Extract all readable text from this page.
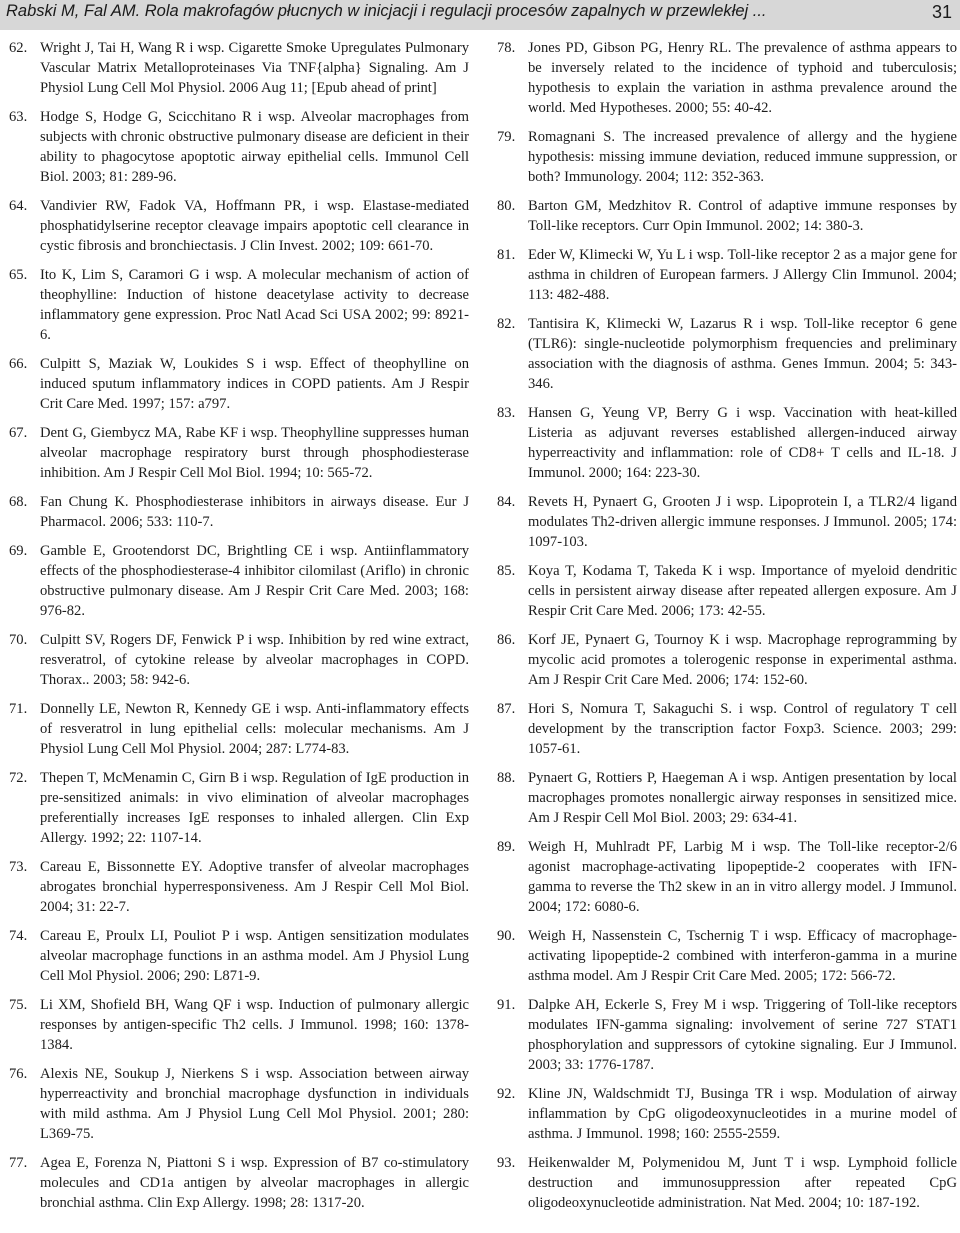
Rabski M, Fal AM. Rola makrofagów płucnych w inicjacji i regulacji procesów zapalnych w przewlekłej ...	31
62. Wright J, Tai H, Wang R i wsp. Cigarette Smoke Upregulates Pulmonary Vascular Matrix Metalloproteinases Via TNF{alpha} Signaling. Am J Physiol Lung Cell Mol Physiol. 2006 Aug 11; [Epub ahead of print]
63. Hodge S, Hodge G, Scicchitano R i wsp. Alveolar macrophages from subjects with chronic obstructive pulmonary disease are deficient in their ability to phagocytose apoptotic airway epithelial cells. Immunol Cell Biol. 2003; 81: 289-96.
64. Vandivier RW, Fadok VA, Hoffmann PR, i wsp. Elastase-mediated phosphatidylserine receptor cleavage impairs apoptotic cell clearance in cystic fibrosis and bronchiectasis. J Clin Invest. 2002; 109: 661-70.
65. Ito K, Lim S, Caramori G i wsp. A molecular mechanism of action of theophylline: Induction of histone deacetylase activity to decrease inflammatory gene expression. Proc Natl Acad Sci USA 2002; 99: 8921-6.
66. Culpitt S, Maziak W, Loukides S i wsp. Effect of theophylline on induced sputum inflammatory indices in COPD patients. Am J Respir Crit Care Med. 1997; 157: a797.
67. Dent G, Giembycz MA, Rabe KF i wsp. Theophylline suppresses human alveolar macrophage respiratory burst through phosphodiesterase inhibition. Am J Respir Cell Mol Biol. 1994; 10: 565-72.
68. Fan Chung K. Phosphodiesterase inhibitors in airways disease. Eur J Pharmacol. 2006; 533: 110-7.
69. Gamble E, Grootendorst DC, Brightling CE i wsp. Antiinflammatory effects of the phosphodiesterase-4 inhibitor cilomilast (Ariflo) in chronic obstructive pulmonary disease. Am J Respir Crit Care Med. 2003; 168: 976-82.
70. Culpitt SV, Rogers DF, Fenwick P i wsp. Inhibition by red wine extract, resveratrol, of cytokine release by alveolar macrophages in COPD. Thorax.. 2003; 58: 942-6.
71. Donnelly LE, Newton R, Kennedy GE i wsp. Anti-inflammatory effects of resveratrol in lung epithelial cells: molecular mechanisms. Am J Physiol Lung Cell Mol Physiol. 2004; 287: L774-83.
72. Thepen T, McMenamin C, Girn B i wsp. Regulation of IgE production in pre-sensitized animals: in vivo elimination of alveolar macrophages preferentially increases IgE responses to inhaled allergen. Clin Exp Allergy. 1992; 22: 1107-14.
73. Careau E, Bissonnette EY. Adoptive transfer of alveolar macrophages abrogates bronchial hyperresponsiveness. Am J Respir Cell Mol Biol. 2004; 31: 22-7.
74. Careau E, Proulx LI, Pouliot P i wsp. Antigen sensitization modulates alveolar macrophage functions in an asthma model. Am J Physiol Lung Cell Mol Physiol. 2006; 290: L871-9.
75. Li XM, Shofield BH, Wang QF i wsp. Induction of pulmonary allergic responses by antigen-specific Th2 cells. J Immunol. 1998; 160: 1378-1384.
76. Alexis NE, Soukup J, Nierkens S i wsp. Association between airway hyperreactivity and bronchial macrophage dysfunction in individuals with mild asthma. Am J Physiol Lung Cell Mol Physiol. 2001; 280: L369-75.
77. Agea E, Forenza N, Piattoni S i wsp. Expression of B7 co-stimulatory molecules and CD1a antigen by alveolar macrophages in allergic bronchial asthma. Clin Exp Allergy. 1998; 28: 1317-20.
78. Jones PD, Gibson PG, Henry RL. The prevalence of asthma appears to be inversely related to the incidence of typhoid and tuberculosis; hypothesis to explain the variation in asthma prevalence around the world. Med Hypotheses. 2000; 55: 40-42.
79. Romagnani S. The increased prevalence of allergy and the hygiene hypothesis: missing immune deviation, reduced immune suppression, or both? Immunology. 2004; 112: 352-363.
80. Barton GM, Medzhitov R. Control of adaptive immune responses by Toll-like receptors. Curr Opin Immunol. 2002; 14: 380-3.
81. Eder W, Klimecki W, Yu L i wsp. Toll-like receptor 2 as a major gene for asthma in children of European farmers. J Allergy Clin Immunol. 2004; 113: 482-488.
82. Tantisira K, Klimecki W, Lazarus R i wsp. Toll-like receptor 6 gene (TLR6): single-nucleotide polymorphism frequencies and preliminary association with the diagnosis of asthma. Genes Immun. 2004; 5: 343-346.
83. Hansen G, Yeung VP, Berry G i wsp. Vaccination with heat-killed Listeria as adjuvant reverses established allergen-induced airway hyperreactivity and inflammation: role of CD8+ T cells and IL-18. J Immunol. 2000; 164: 223-30.
84. Revets H, Pynaert G, Grooten J i wsp. Lipoprotein I, a TLR2/4 ligand modulates Th2-driven allergic immune responses. J Immunol. 2005; 174: 1097-103.
85. Koya T, Kodama T, Takeda K i wsp. Importance of myeloid dendritic cells in persistent airway disease after repeated allergen exposure. Am J Respir Crit Care Med. 2006; 173: 42-55.
86. Korf JE, Pynaert G, Tournoy K i wsp. Macrophage reprogramming by mycolic acid promotes a tolerogenic response in experimental asthma. Am J Respir Crit Care Med. 2006; 174: 152-60.
87. Hori S, Nomura T, Sakaguchi S. i wsp. Control of regulatory T cell development by the transcription factor Foxp3. Science. 2003; 299: 1057-61.
88. Pynaert G, Rottiers P, Haegeman A i wsp. Antigen presentation by local macrophages promotes nonallergic airway responses in sensitized mice. Am J Respir Cell Mol Biol. 2003; 29: 634-41.
89. Weigh H, Muhlradt PF, Larbig M i wsp. The Toll-like receptor-2/6 agonist macrophage-activating lipopeptide-2 cooperates with IFN-gamma to reverse the Th2 skew in an in vitro allergy model. J Immunol. 2004; 172: 6080-6.
90. Weigh H, Nassenstein C, Tschernig T i wsp. Efficacy of macrophage-activating lipopeptide-2 combined with interferon-gamma in a murine asthma model. Am J Respir Crit Care Med. 2005; 172: 566-72.
91. Dalpke AH, Eckerle S, Frey M i wsp. Triggering of Toll-like receptors modulates IFN-gamma signaling: involvement of serine 727 STAT1 phosphorylation and suppressors of cytokine signaling. Eur J Immunol. 2003; 33: 1776-1787.
92. Kline JN, Waldschmidt TJ, Businga TR i wsp. Modulation of airway inflammation by CpG oligodeoxynucleotides in a murine model of asthma. J Immunol. 1998; 160: 2555-2559.
93. Heikenwalder M, Polymenidou M, Junt T i wsp. Lymphoid follicle destruction and immunosuppression after repeated CpG oligodeoxynucleotide administration. Nat Med. 2004; 10: 187-192.
